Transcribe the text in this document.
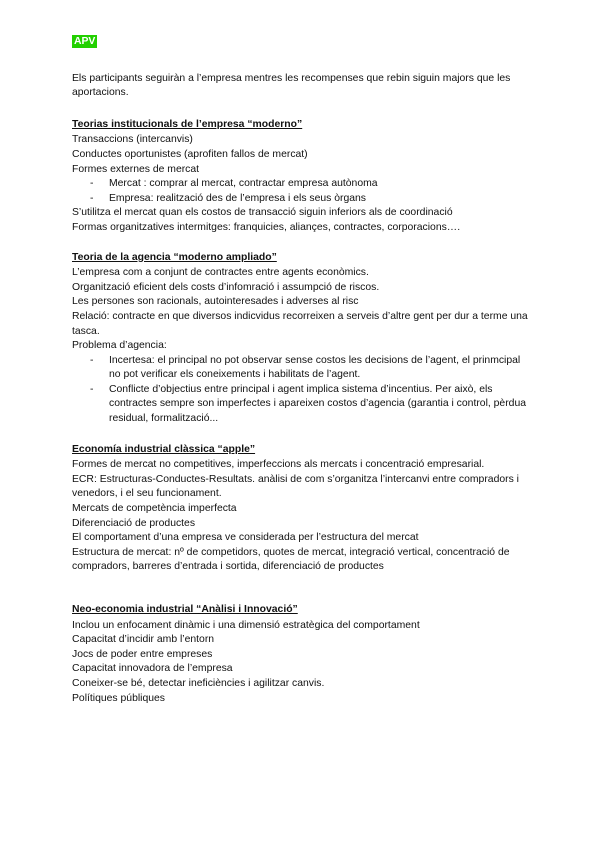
APV

Els participants seguiràn a l’empresa mentres les recompenses que rebin siguin majors que les aportacions.

Teorias institucionals de l’empresa “moderno”

Transaccions (intercanvis)

Conductes oportunistes (aprofiten fallos de mercat)

Formes externes de mercat

- Mercat : comprar al mercat, contractar empresa autònoma
- Empresa: realització des de l’empresa i els seus òrgans

S’utilitza el mercat quan els costos de transacció siguin inferiors als de coordinació

Formas organitzatives intermitges: franquicies, aliançes, contractes, corporacions….

Teoria de la agencia “moderno ampliado”

L’empresa com a conjunt de contractes entre agents econòmics.

Organització eficient dels costs d’infomració i assumpció de riscos.

Les persones son racionals, autointeresades i adverses al risc

Relació: contracte en que diversos indicvidus recorreixen a serveis d’altre gent per dur a terme una tasca.

Problema d’agencia:

- Incertesa: el principal no pot observar sense costos les decisions de l’agent, el prinmcipal no pot verificar els coneixements i habilitats de l’agent.
- Conflicte d’objectius entre principal i agent implica sistema d’incentius. Per això, els contractes sempre son imperfectes i apareixen costos d’agencia (garantia i control, pèrdua residual, formalització...

Economía industrial clàssica “apple”

Formes de mercat no competitives, imperfeccions als mercats i concentració empresarial.

ECR: Estructuras-Conductes-Resultats. anàlisi de com s’organitza l’intercanvi entre compradors i venedors, i el seu funcionament.

Mercats de competència imperfecta

Diferenciació de productes

El comportament d’una empresa ve considerada per l’estructura del mercat

Estructura de mercat: nº de competidors, quotes de mercat, integració vertical, concentració de compradors, barreres d’entrada i sortida, diferenciació de productes

Neo-economia industrial “Anàlisi i Innovació”

Inclou un enfocament dinàmic i una dimensió estratègica del comportament

Capacitat d’incidir amb l’entorn

Jocs de poder entre empreses

Capacitat innovadora de l’empresa

Coneixer-se bé, detectar ineficiències i agilitzar canvis.

Polítiques públiques
